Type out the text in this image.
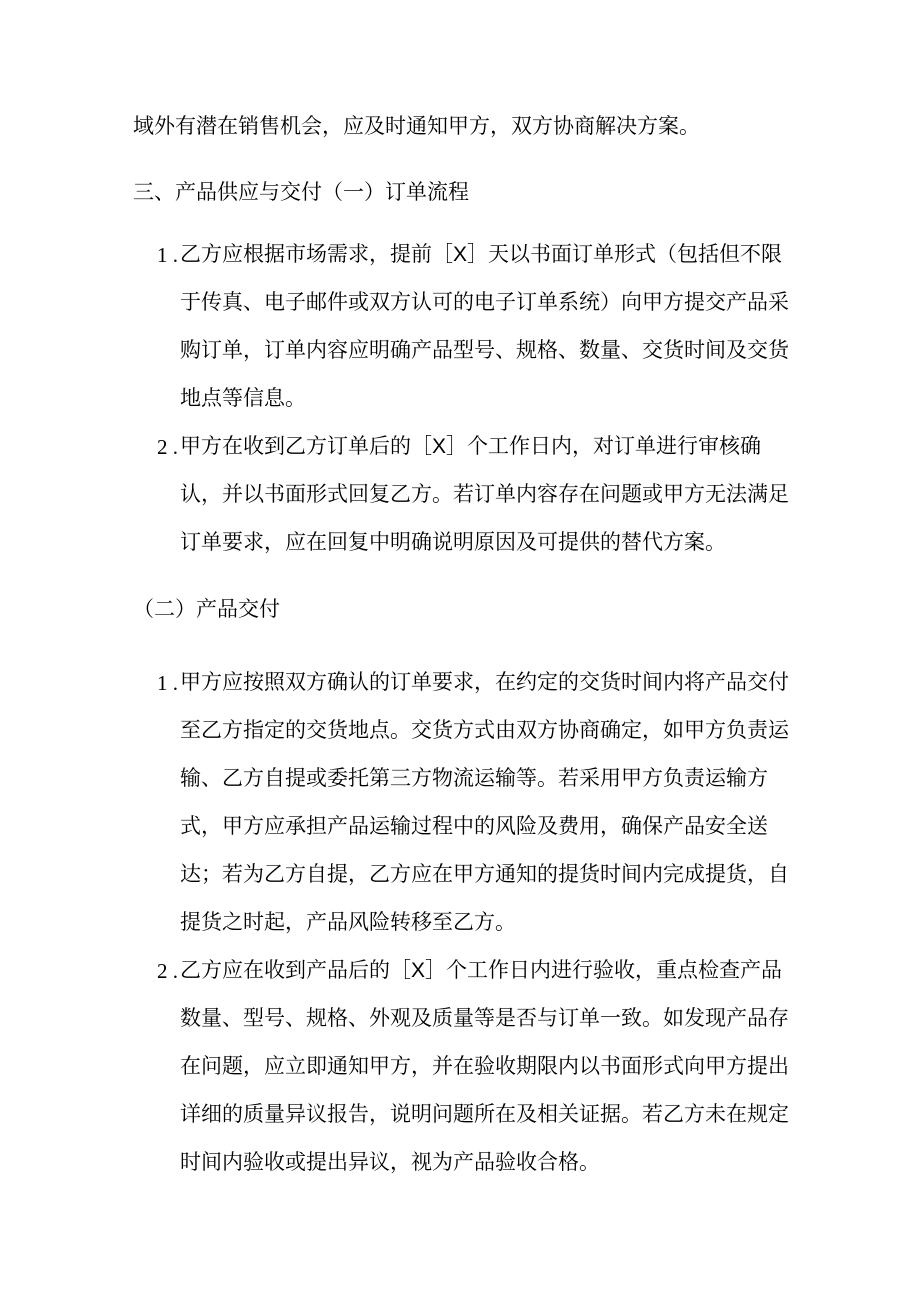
域外有潜在销售机会，应及时通知甲方，双方协商解决方案。

三、产品供应与交付（一）订单流程
1 . 乙方应根据市场需求，提前［X］天以书面订单形式（包括但不限于传真、电子邮件或双方认可的电子订单系统）向甲方提交产品采购订单，订单内容应明确产品型号、规格、数量、交货时间及交货地点等信息。
2 . 甲方在收到乙方订单后的［X］个工作日内，对订单进行审核确认，并以书面形式回复乙方。若订单内容存在问题或甲方无法满足订单要求，应在回复中明确说明原因及可提供的替代方案。
（二）产品交付
1 . 甲方应按照双方确认的订单要求，在约定的交货时间内将产品交付至乙方指定的交货地点。交货方式由双方协商确定，如甲方负责运输、乙方自提或委托第三方物流运输等。若采用甲方负责运输方式，甲方应承担产品运输过程中的风险及费用，确保产品安全送达；若为乙方自提，乙方应在甲方通知的提货时间内完成提货，自提货之时起，产品风险转移至乙方。
2 . 乙方应在收到产品后的［X］个工作日内进行验收，重点检查产品数量、型号、规格、外观及质量等是否与订单一致。如发现产品存在问题，应立即通知甲方，并在验收期限内以书面形式向甲方提出详细的质量异议报告，说明问题所在及相关证据。若乙方未在规定时间内验收或提出异议，视为产品验收合格。
